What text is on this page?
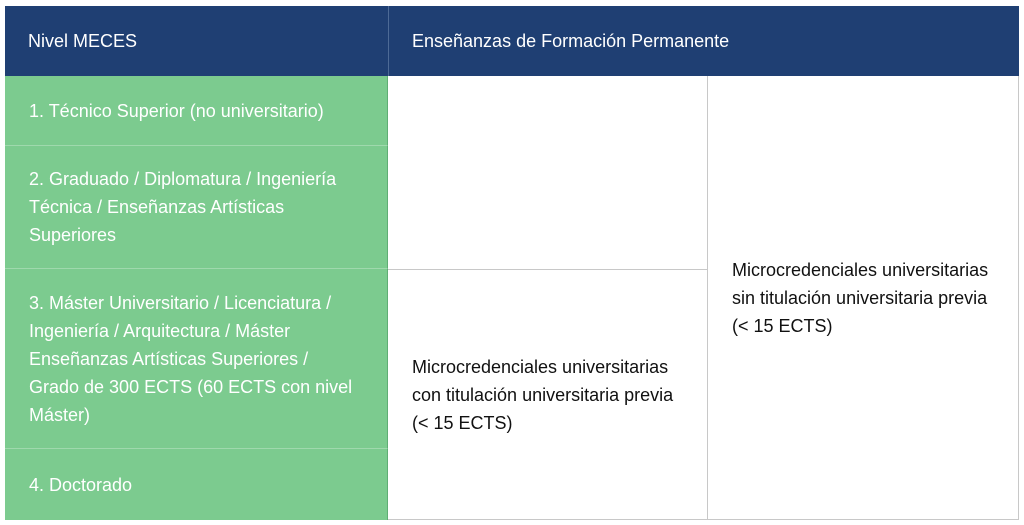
Nivel MECES	Enseñanzas de Formación Permanente
1. Técnico Superior (no universitario)
2. Graduado / Diplomatura / Ingeniería Técnica / Enseñanzas Artísticas Superiores
3. Máster Universitario / Licenciatura / Ingeniería / Arquitectura / Máster Enseñanzas Artísticas Superiores / Grado de 300 ECTS (60 ECTS con nivel Máster)
4. Doctorado
Microcredenciales universitarias con titulación universitaria previa (< 15 ECTS)
Microcredenciales universitarias sin titulación universitaria previa (< 15 ECTS)
